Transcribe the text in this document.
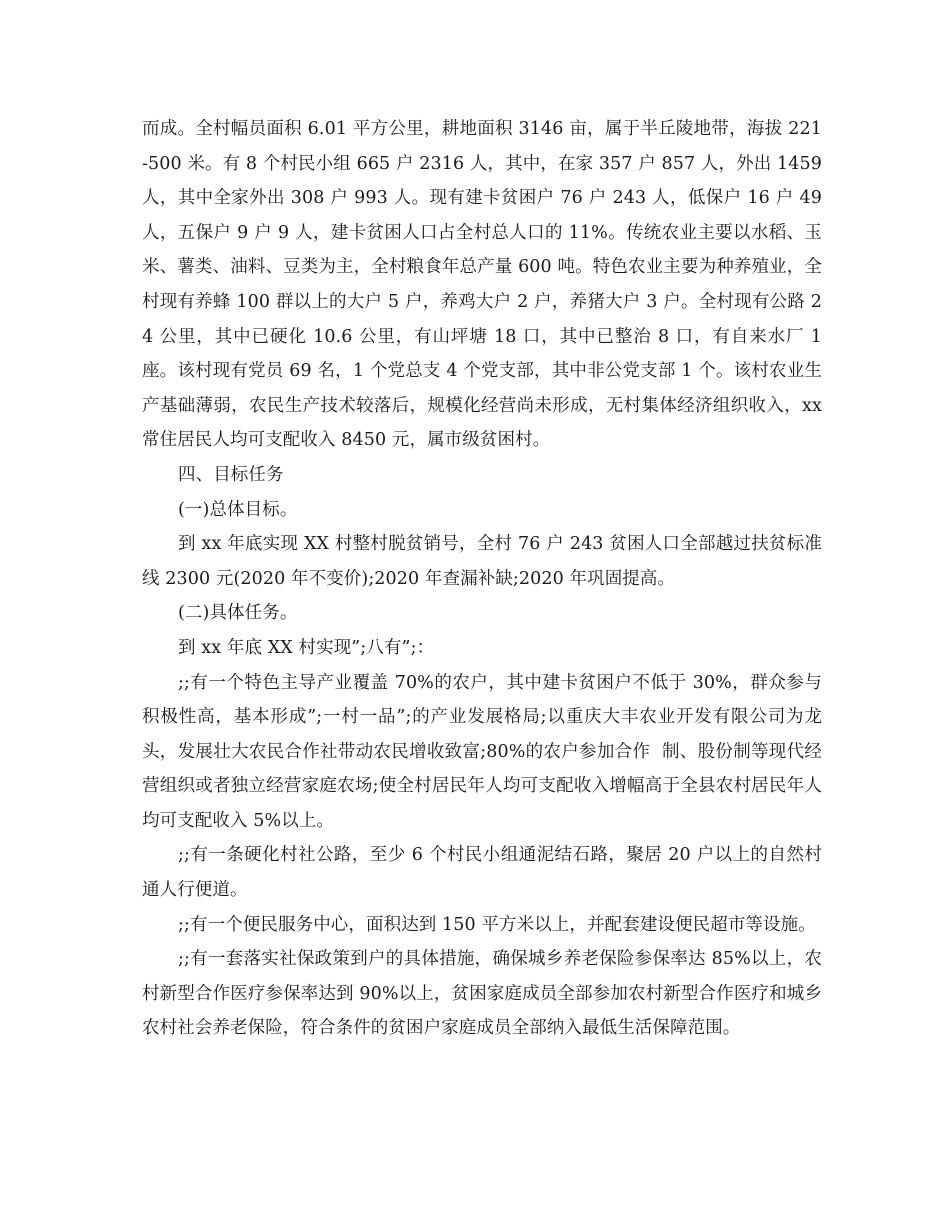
而成。全村幅员面积 6.01 平方公里，耕地面积 3146 亩，属于半丘陵地带，海拔 221-500 米。有 8 个村民小组 665 户 2316 人，其中，在家 357 户 857 人，外出 1459 人，其中全家外出 308 户 993 人。现有建卡贫困户 76 户 243 人，低保户 16 户 49 人，五保户 9 户 9 人，建卡贫困人口占全村总人口的 11%。传统农业主要以水稻、玉米、薯类、油料、豆类为主，全村粮食年总产量 600 吨。特色农业主要为种养殖业，全村现有养蜂 100 群以上的大户 5 户，养鸡大户 2 户，养猪大户 3 户。全村现有公路 24 公里，其中已硬化 10.6 公里，有山坪塘 18 口，其中已整治 8 口，有自来水厂 1 座。该村现有党员 69 名，1 个党总支 4 个党支部，其中非公党支部 1 个。该村农业生产基础薄弱，农民生产技术较落后，规模化经营尚未形成，无村集体经济组织收入，xx 常住居民人均可支配收入 8450 元，属市级贫困村。

四、目标任务

(一)总体目标。

到 xx 年底实现 XX 村整村脱贫销号，全村 76 户 243 贫困人口全部越过扶贫标准线 2300 元(2020 年不变价);2020 年查漏补缺;2020 年巩固提高。

(二)具体任务。

到 xx 年底 XX 村实现”;八有”;：

;;有一个特色主导产业覆盖 70%的农户，其中建卡贫困户不低于 30%，群众参与积极性高，基本形成”;一村一品”;的产业发展格局;以重庆大丰农业开发有限公司为龙头，发展壮大农民合作社带动农民增收致富;80%的农户参加合作  制、股份制等现代经营组织或者独立经营家庭农场;使全村居民年人均可支配收入增幅高于全县农村居民年人均可支配收入 5%以上。

;;有一条硬化村社公路，至少 6 个村民小组通泥结石路，聚居 20 户以上的自然村通人行便道。

;;有一个便民服务中心，面积达到 150 平方米以上，并配套建设便民超市等设施。

;;有一套落实社保政策到户的具体措施，确保城乡养老保险参保率达 85%以上，农村新型合作医疗参保率达到 90%以上，贫困家庭成员全部参加农村新型合作医疗和城乡农村社会养老保险，符合条件的贫困户家庭成员全部纳入最低生活保障范围。
